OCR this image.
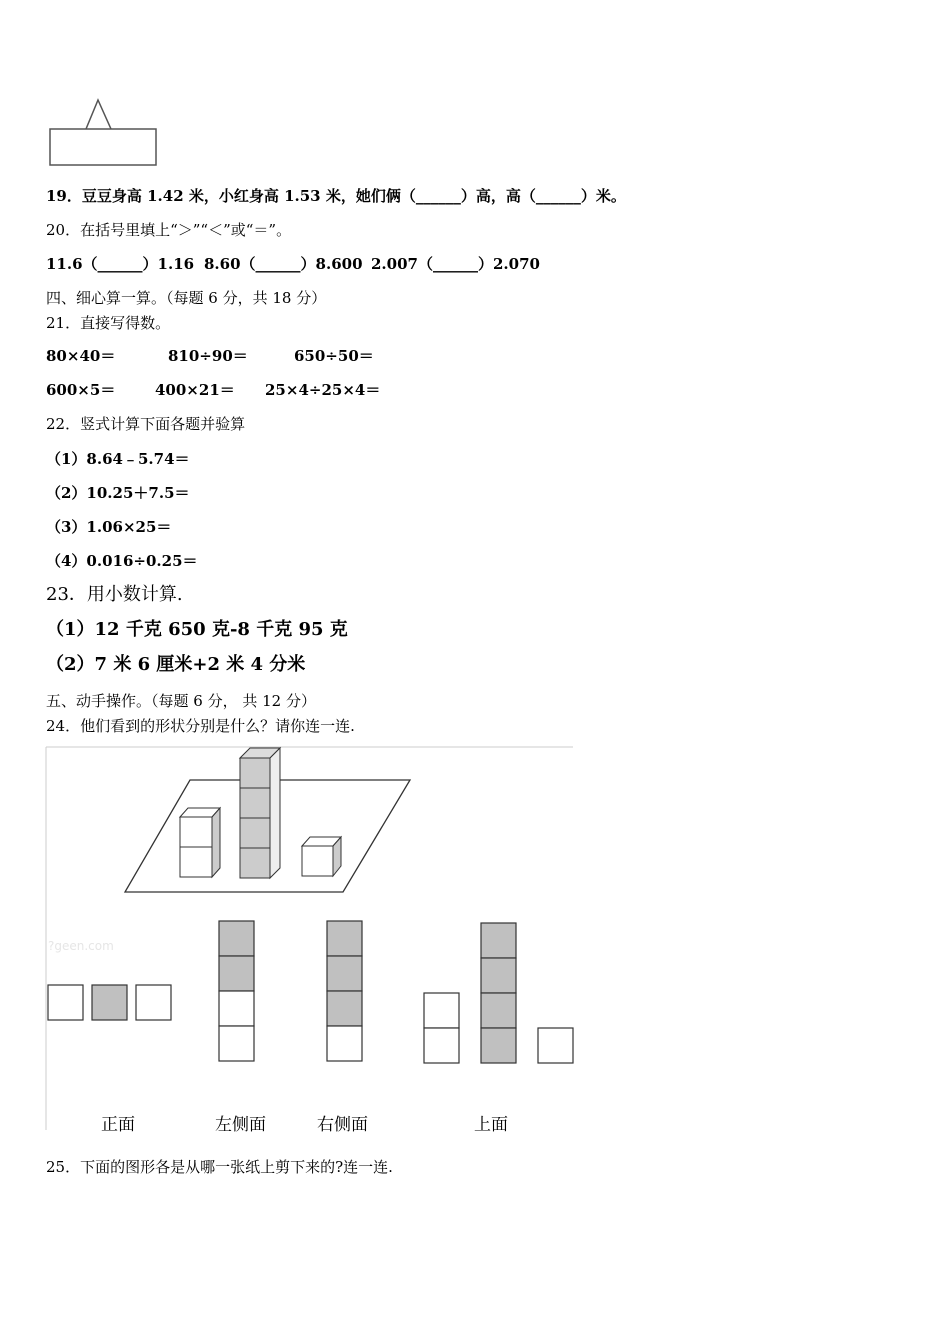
19．豆豆身高 1.42 米，小红身高 1.53 米，她们俩（______）高，高（______）米。
20．在括号里填上“＞”“＜”或“＝”。
11.6（______）1.16 8.60（______）8.600 2.007（______）2.070
四、细心算一算。（每题 6 分，共 18 分）
21．直接写得数。
80×40＝	810÷90＝	650÷50＝
600×5＝	400×21＝ 25×4÷25×4＝
22．竖式计算下面各题并验算
（1）8.64﹣5.74＝
（2）10.25＋7.5＝
（3）1.06×25＝
（4）0.016÷0.25＝
23．用小数计算.
（1）12 千克 650 克-8 千克 95 克
（2）7 米 6 厘米+2 米 4 分米
五、动手操作。（每题 6 分， 共 12 分）
24．他们看到的形状分别是什么？请你连一连.
?geen.com
正面	左侧面	右侧面	上面
25．下面的图形各是从哪一张纸上剪下来的?连一连.
